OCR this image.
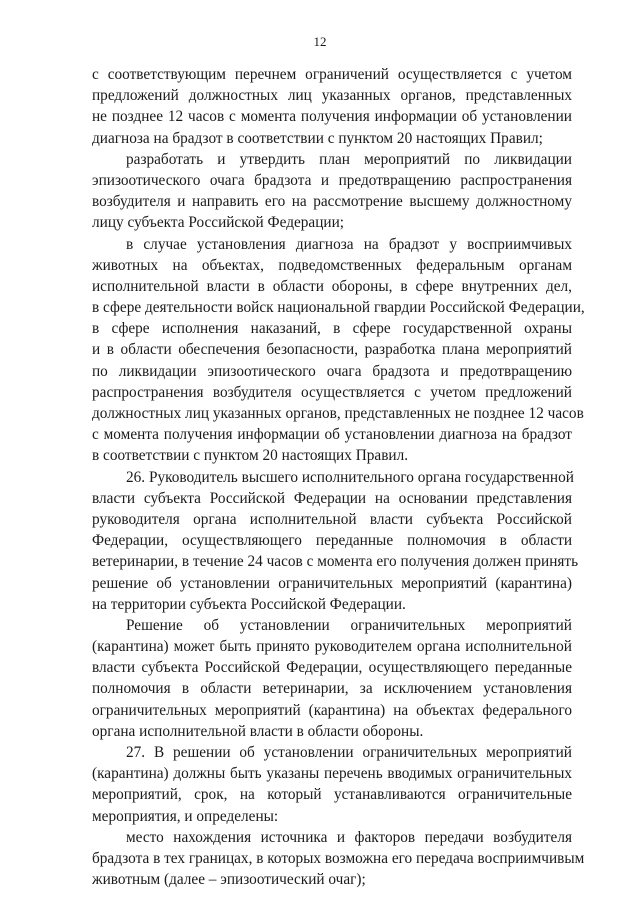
12
с соответствующим перечнем ограничений осуществляется с учетом
предложений должностных лиц указанных органов, представленных
не позднее 12 часов с момента получения информации об установлении
диагноза на брадзот в соответствии с пунктом 20 настоящих Правил;
разработать и утвердить план мероприятий по ликвидации
эпизоотического очага брадзота и предотвращению распространения
возбудителя и направить его на рассмотрение высшему должностному
лицу субъекта Российской Федерации;
в случае установления диагноза на брадзот у восприимчивых
животных на объектах, подведомственных федеральным органам
исполнительной власти в области обороны, в сфере внутренних дел,
в сфере деятельности войск национальной гвардии Российской Федерации,
в сфере исполнения наказаний, в сфере государственной охраны
и в области обеспечения безопасности, разработка плана мероприятий
по ликвидации эпизоотического очага брадзота и предотвращению
распространения возбудителя осуществляется с учетом предложений
должностных лиц указанных органов, представленных не позднее 12 часов
с момента получения информации об установлении диагноза на брадзот
в соответствии с пунктом 20 настоящих Правил.
26. Руководитель высшего исполнительного органа государственной
власти субъекта Российской Федерации на основании представления
руководителя органа исполнительной власти субъекта Российской
Федерации, осуществляющего переданные полномочия в области
ветеринарии, в течение 24 часов с момента его получения должен принять
решение об установлении ограничительных мероприятий (карантина)
на территории субъекта Российской Федерации.
Решение об установлении ограничительных мероприятий
(карантина) может быть принято руководителем органа исполнительной
власти субъекта Российской Федерации, осуществляющего переданные
полномочия в области ветеринарии, за исключением установления
ограничительных мероприятий (карантина) на объектах федерального
органа исполнительной власти в области обороны.
27. В решении об установлении ограничительных мероприятий
(карантина) должны быть указаны перечень вводимых ограничительных
мероприятий, срок, на который устанавливаются ограничительные
мероприятия, и определены:
место нахождения источника и факторов передачи возбудителя
брадзота в тех границах, в которых возможна его передача восприимчивым
животным (далее – эпизоотический очаг);
